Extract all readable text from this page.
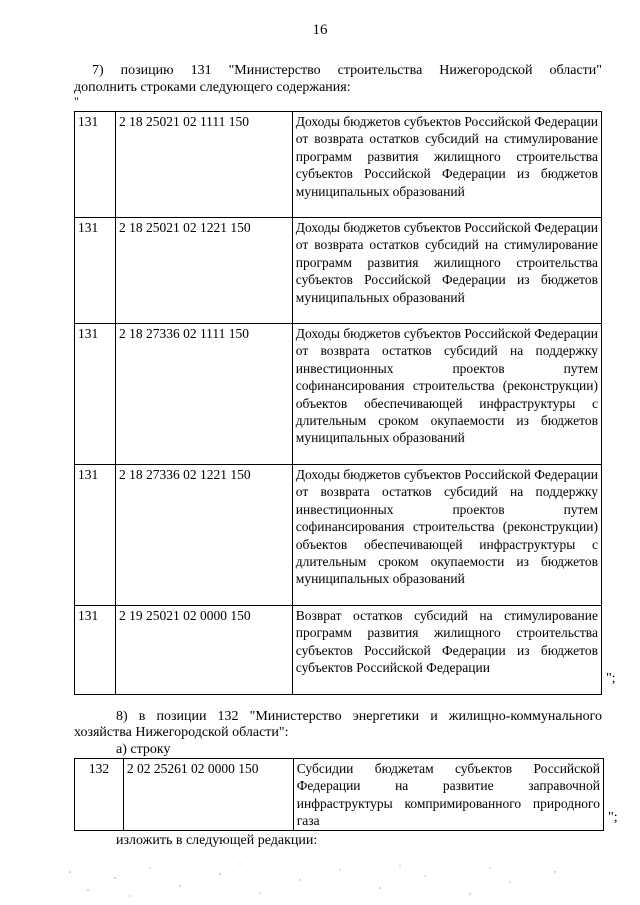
16
7) позицию 131 "Министерство строительства Нижегородской области"
дополнить строками следующего содержания:
"
131	2 18 25021 02 1111 150	Доходы бюджетов субъектов Российской Федерации от возврата остатков субсидий на стимулирование программ развития жилищного строительства субъектов Российской Федерации из бюджетов муниципальных образований
131	2 18 25021 02 1221 150	Доходы бюджетов субъектов Российской Федерации от возврата остатков субсидий на стимулирование программ развития жилищного строительства субъектов Российской Федерации из бюджетов муниципальных образований
131	2 18 27336 02 1111 150	Доходы бюджетов субъектов Российской Федерации от возврата остатков субсидий на поддержку инвестиционных проектов путем софинансирования строительства (реконструкции) объектов обеспечивающей инфраструктуры с длительным сроком окупаемости из бюджетов муниципальных образований
131	2 18 27336 02 1221 150	Доходы бюджетов субъектов Российской Федерации от возврата остатков субсидий на поддержку инвестиционных проектов путем софинансирования строительства (реконструкции) объектов обеспечивающей инфраструктуры с длительным сроком окупаемости из бюджетов муниципальных образований
131	2 19 25021 02 0000 150	Возврат остатков субсидий на стимулирование программ развития жилищного строительства субъектов Российской Федерации из бюджетов субъектов Российской Федерации
";
8) в позиции 132 "Министерство энергетики и жилищно-коммунального
хозяйства Нижегородской области":
а) строку
132	2 02 25261 02 0000 150	Субсидии бюджетам субъектов Российской Федерации на развитие заправочной инфраструктуры компримированного природного газа	";
изложить в следующей редакции:
